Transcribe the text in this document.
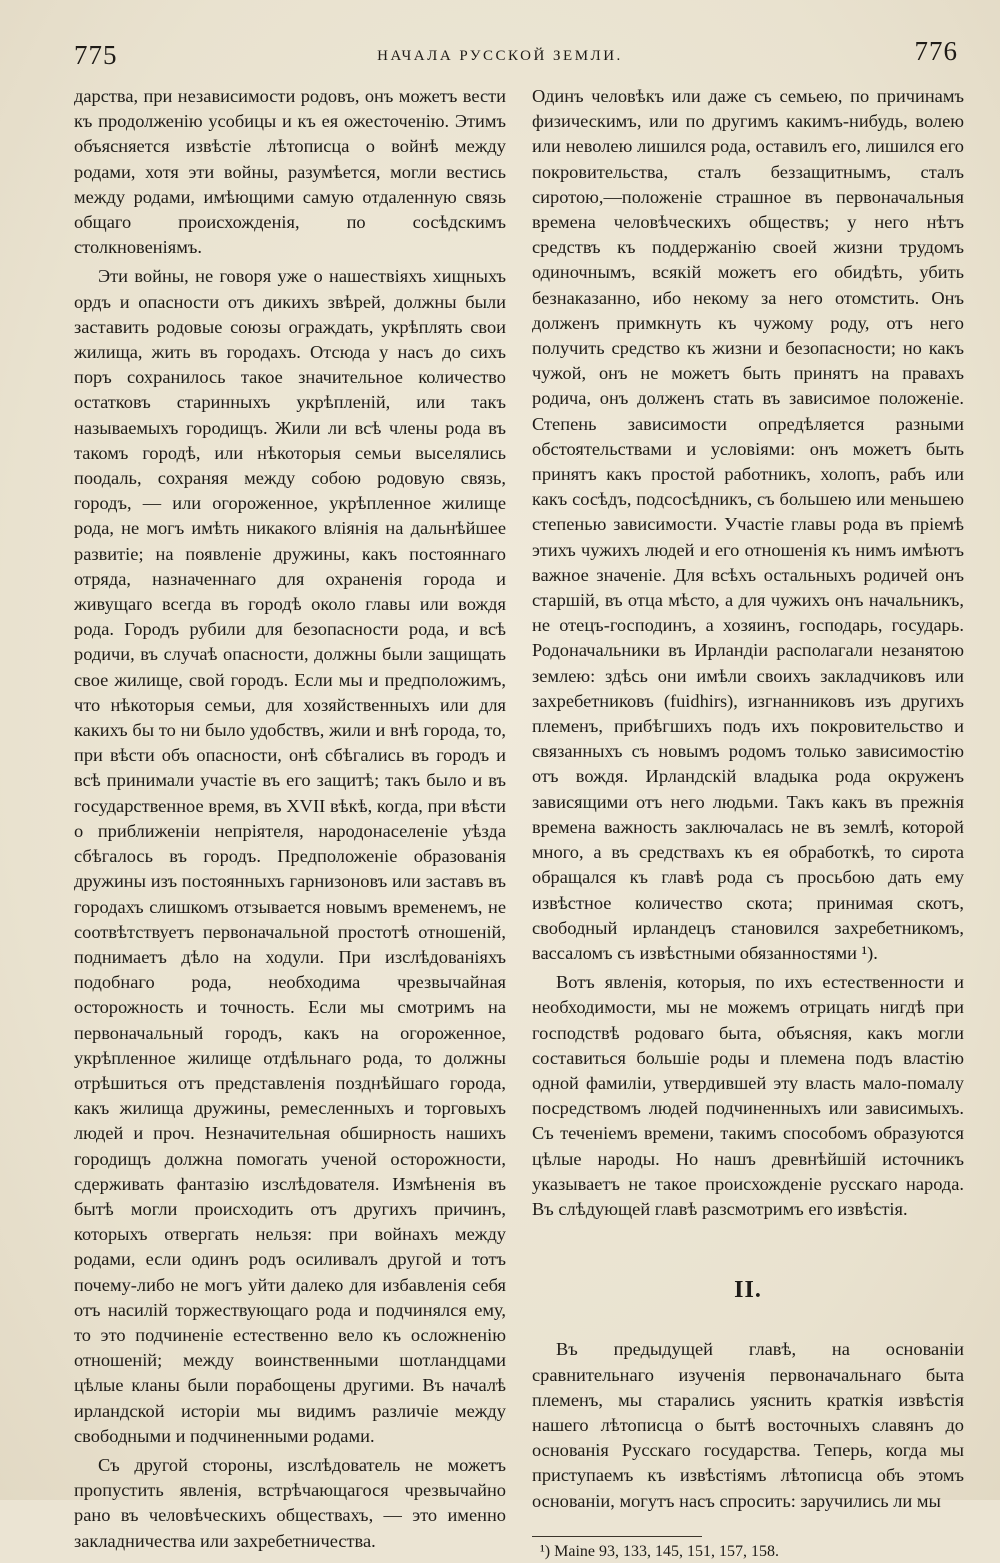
775	НАЧАЛА РУССКОЙ ЗЕМЛИ.	776

дарства, при независимости родовъ, онъ можетъ вести къ продолженію усобицы и къ ея ожесточенію. Этимъ объясняется извѣстіе лѣтописца о войнѣ между родами, хотя эти войны, разумѣется, могли вестись между родами, имѣющими самую отдаленную связь общаго происхожденія, по сосѣдскимъ столкновеніямъ.

Эти войны, не говоря уже о нашествіяхъ хищныхъ ордъ и опасности отъ дикихъ звѣрей, должны были заставить родовые союзы ограждать, укрѣплять свои жилища, жить въ городахъ. Отсюда у насъ до сихъ поръ сохранилось такое значительное количество остатковъ старинныхъ укрѣпленій, или такъ называемыхъ городищъ. Жили ли всѣ члены рода въ такомъ городѣ, или нѣкоторыя семьи выселялись поодаль, сохраняя между собою родовую связь, городъ, — или огороженное, укрѣпленное жилище рода, не могъ имѣть никакого вліянія на дальнѣйшее развитіе; на появленіе дружины, какъ постояннаго отряда, назначеннаго для охраненія города и живущаго всегда въ городѣ около главы или вождя рода. Городъ рубили для безопасности рода, и всѣ родичи, въ случаѣ опасности, должны были защищать свое жилище, свой городъ. Если мы и предположимъ, что нѣкоторыя семьи, для хозяйственныхъ или для какихъ бы то ни было удобствъ, жили и внѣ города, то, при вѣсти объ опасности, онѣ сбѣгались въ городъ и всѣ принимали участіе въ его защитѣ; такъ было и въ государственное время, въ XVII вѣкѣ, когда, при вѣсти о приближеніи непріятеля, народонаселеніе уѣзда сбѣгалось въ городъ. Предположеніе образованія дружины изъ постоянныхъ гарнизоновъ или заставъ въ городахъ слишкомъ отзывается новымъ временемъ, не соотвѣтствуетъ первоначальной простотѣ отношеній, поднимаетъ дѣло на ходули. При изслѣдованіяхъ подобнаго рода, необходима чрезвычайная осторожность и точность. Если мы смотримъ на первоначальный городъ, какъ на огороженное, укрѣпленное жилище отдѣльнаго рода, то должны отрѣшиться отъ представленія позднѣйшаго города, какъ жилища дружины, ремесленныхъ и торговыхъ людей и проч. Незначительная обширность нашихъ городищъ должна помогать ученой осторожности, сдерживать фантазію изслѣдователя. Измѣненія въ бытѣ могли происходить отъ другихъ причинъ, которыхъ отвергать нельзя: при войнахъ между родами, если одинъ родъ осиливалъ другой и тотъ почему-либо не могъ уйти далеко для избавленія себя отъ насилій торжествующаго рода и подчинялся ему, то это подчиненіе естественно вело къ осложненію отношеній; между воинственными шотландцами цѣлые кланы были порабощены другими. Въ началѣ ирландской исторіи мы видимъ различіе между свободными и подчиненными родами.

Съ другой стороны, изслѣдователь не можетъ пропустить явленія, встрѣчающагося чрезвычайно рано въ человѣческихъ обществахъ, — это именно закладничества или захребетничества.

Одинъ человѣкъ или даже съ семьею, по причинамъ физическимъ, или по другимъ какимъ-нибудь, волею или неволею лишился рода, оставилъ его, лишился его покровительства, сталъ беззащитнымъ, сталъ сиротою,—положеніе страшное въ первоначальныя времена человѣческихъ обществъ; у него нѣтъ средствъ къ поддержанію своей жизни трудомъ одиночнымъ, всякій можетъ его обидѣть, убить безнаказанно, ибо некому за него отомстить. Онъ долженъ примкнуть къ чужому роду, отъ него получить средство къ жизни и безопасности; но какъ чужой, онъ не можетъ быть принятъ на правахъ родича, онъ долженъ стать въ зависимое положеніе. Степень зависимости опредѣляется разными обстоятельствами и условіями: онъ можетъ быть принятъ какъ простой работникъ, холопъ, рабъ или какъ сосѣдъ, подсосѣдникъ, съ большею или меньшею степенью зависимости. Участіе главы рода въ пріемѣ этихъ чужихъ людей и его отношенія къ нимъ имѣютъ важное значеніе. Для всѣхъ остальныхъ родичей онъ старшій, въ отца мѣсто, а для чужихъ онъ начальникъ, не отецъ-господинъ, а хозяинъ, господарь, государь. Родоначальники въ Ирландіи располагали незанятою землею: здѣсь они имѣли своихъ закладчиковъ или захребетниковъ (fuidhirs), изгнанниковъ изъ другихъ племенъ, прибѣгшихъ подъ ихъ покровительство и связанныхъ съ новымъ родомъ только зависимостію отъ вождя. Ирландскій владыка рода окруженъ зависящими отъ него людьми. Такъ какъ въ прежнія времена важность заключалась не въ землѣ, которой много, а въ средствахъ къ ея обработкѣ, то сирота обращался къ главѣ рода съ просьбою дать ему извѣстное количество скота; принимая скотъ, свободный ирландецъ становился захребетникомъ, вассаломъ съ извѣстными обязанностями ¹).

Вотъ явленія, которыя, по ихъ естественности и необходимости, мы не можемъ отрицать нигдѣ при господствѣ родоваго быта, объясняя, какъ могли составиться большіе роды и племена подъ властію одной фамиліи, утвердившей эту власть мало-помалу посредствомъ людей подчиненныхъ или зависимыхъ. Съ теченіемъ времени, такимъ способомъ образуются цѣлые народы. Но нашъ древнѣйшій источникъ указываетъ не такое происхожденіе русскаго народа. Въ слѣдующей главѣ разсмотримъ его извѣстія.

II.

Въ предыдущей главѣ, на основаніи сравнительнаго изученія первоначальнаго быта племенъ, мы старались уяснить краткія извѣстія нашего лѣтописца о бытѣ восточныхъ славянъ до основанія Русскаго государства. Теперь, когда мы приступаемъ къ извѣстіямъ лѣтописца объ этомъ основаніи, могутъ насъ спросить: заручились ли мы

¹) Maine 93, 133, 145, 151, 157, 158.
